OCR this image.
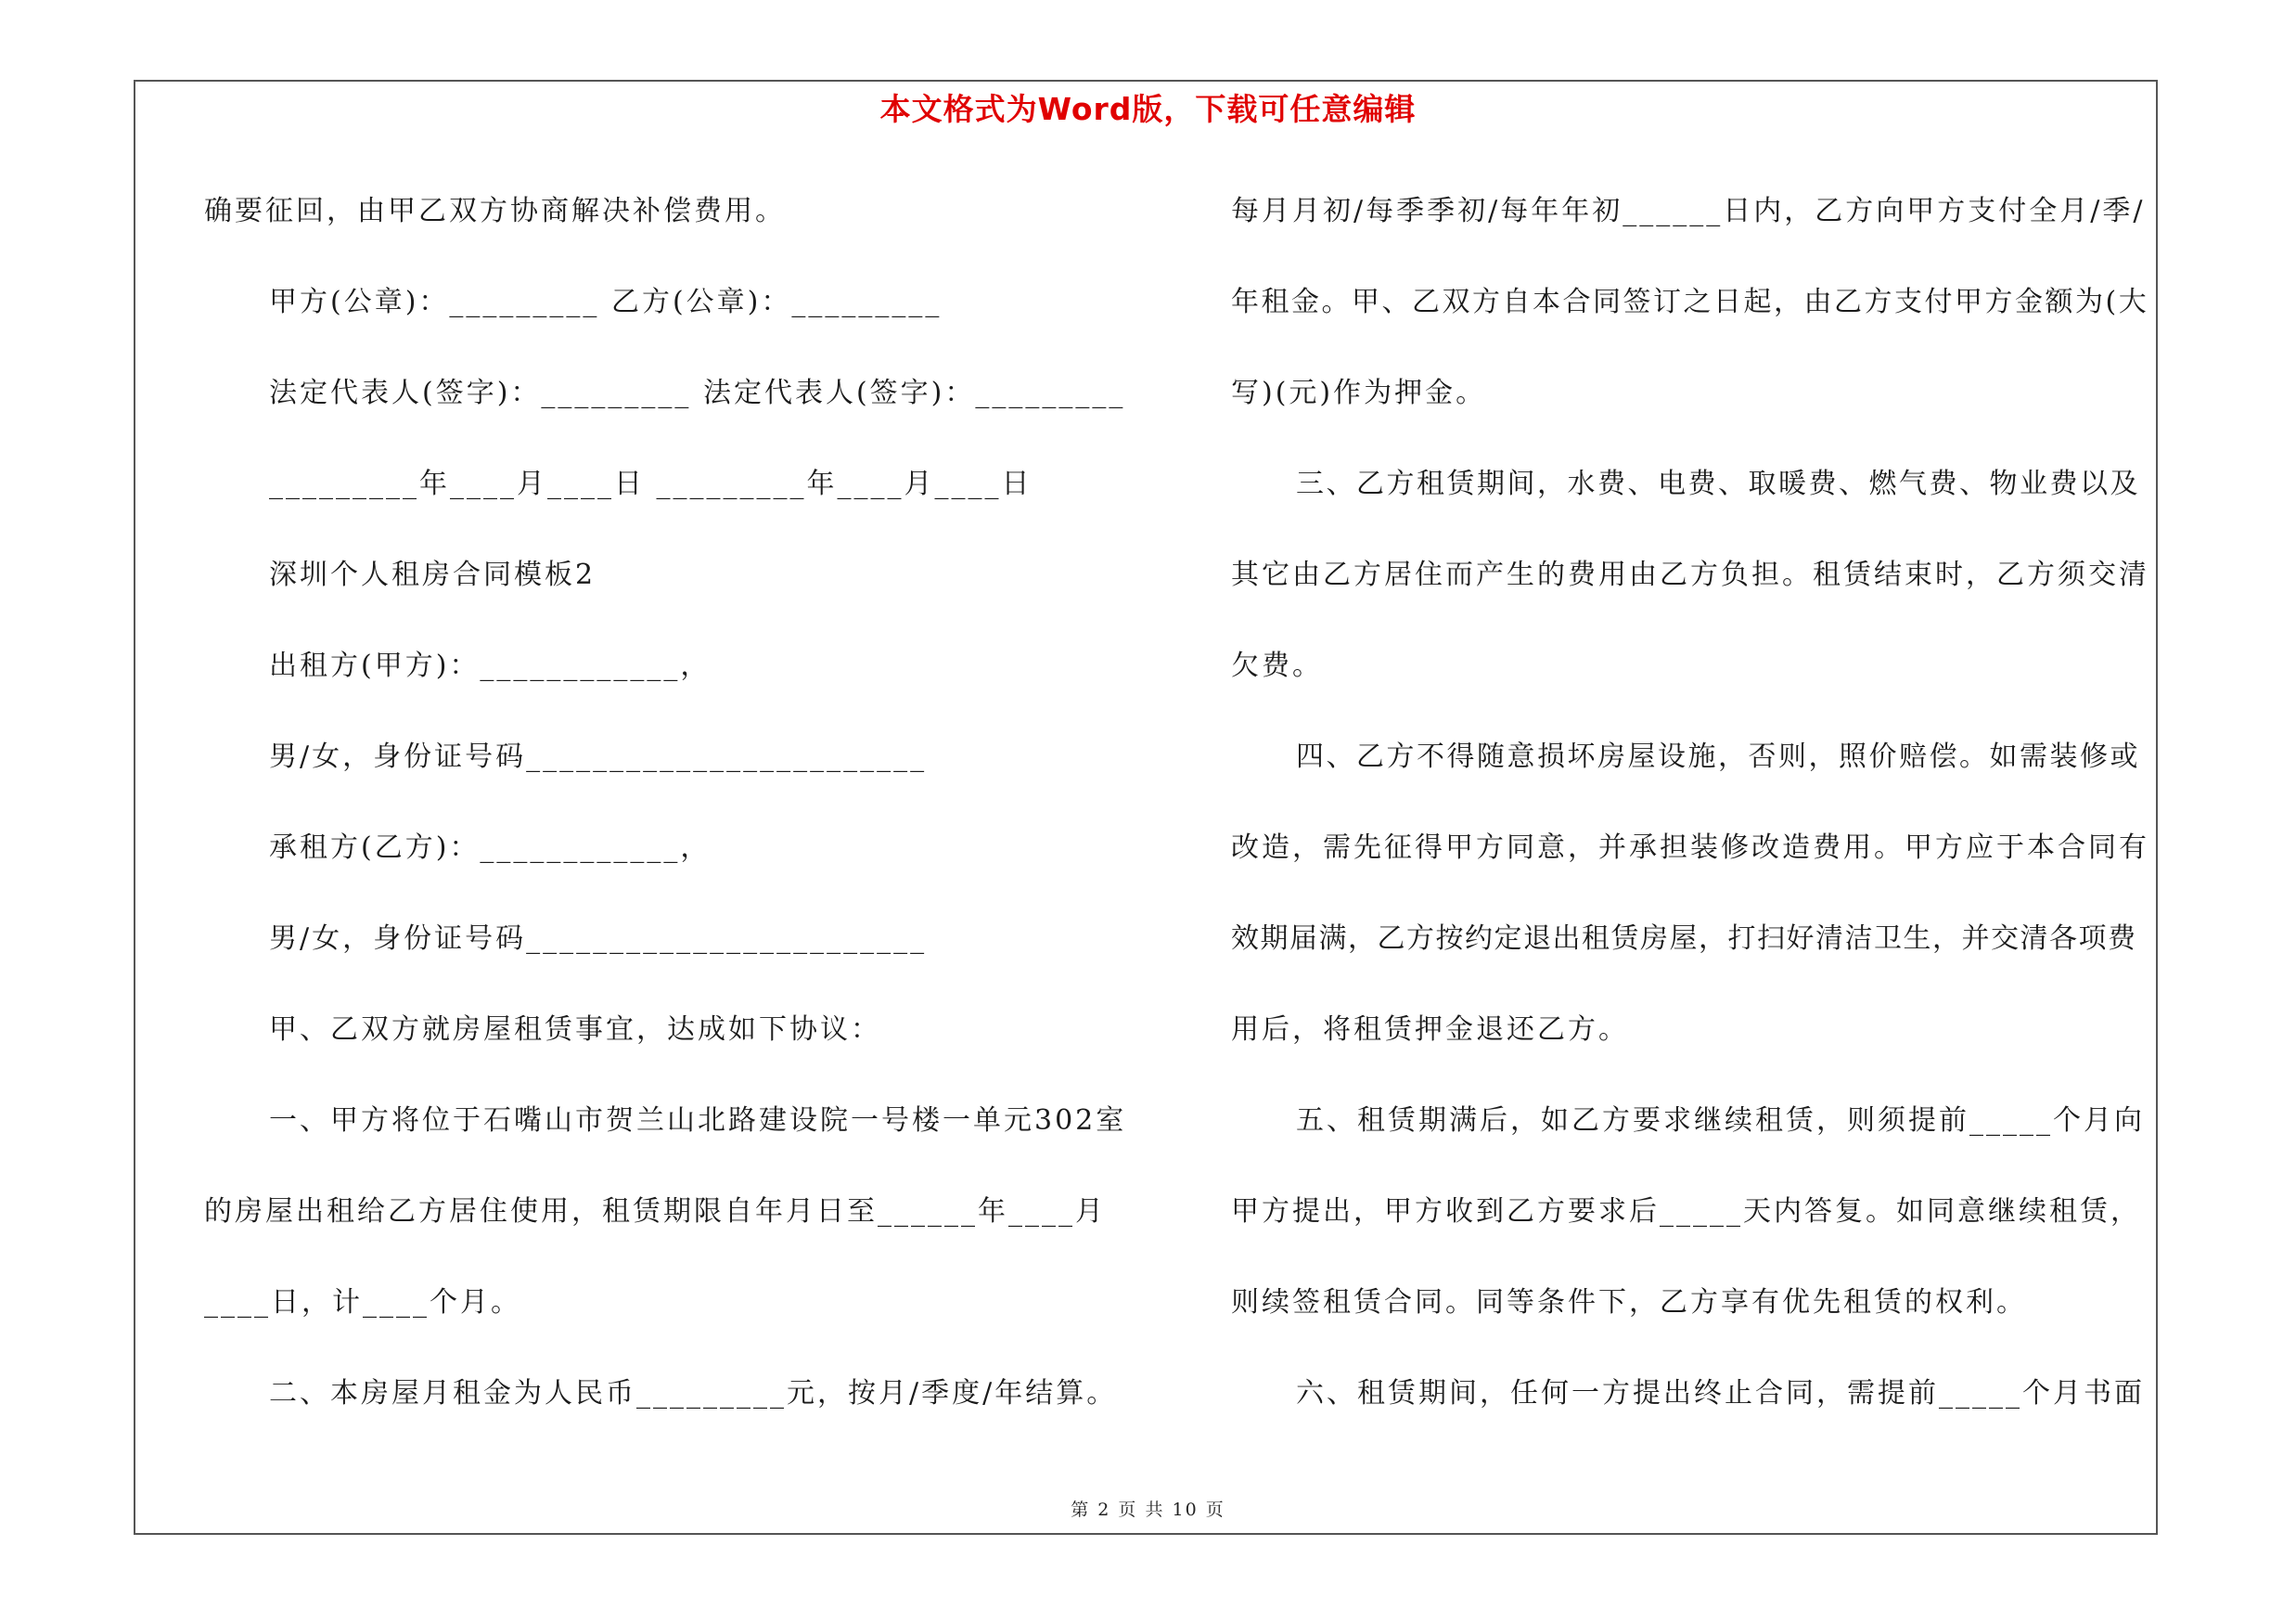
本文格式为Word版，下载可任意编辑
确要征回，由甲乙双方协商解决补偿费用。
甲方(公章)：_________ 乙方(公章)：_________
法定代表人(签字)：_________ 法定代表人(签字)：_________
_________年____月____日 _________年____月____日
深圳个人租房合同模板2
出租方(甲方)：____________，
男/女，身份证号码________________________
承租方(乙方)：____________，
男/女，身份证号码________________________
甲、乙双方就房屋租赁事宜，达成如下协议：
一、甲方将位于石嘴山市贺兰山北路建设院一号楼一单元302室
的房屋出租给乙方居住使用，租赁期限自年月日至______年____月
____日，计____个月。
二、本房屋月租金为人民币_________元，按月/季度/年结算。
每月月初/每季季初/每年年初______日内，乙方向甲方支付全月/季/
年租金。甲、乙双方自本合同签订之日起，由乙方支付甲方金额为(大
写)(元)作为押金。
三、乙方租赁期间，水费、电费、取暖费、燃气费、物业费以及
其它由乙方居住而产生的费用由乙方负担。租赁结束时，乙方须交清
欠费。
四、乙方不得随意损坏房屋设施，否则，照价赔偿。如需装修或
改造，需先征得甲方同意，并承担装修改造费用。甲方应于本合同有
效期届满，乙方按约定退出租赁房屋，打扫好清洁卫生，并交清各项费
用后，将租赁押金退还乙方。
五、租赁期满后，如乙方要求继续租赁，则须提前_____个月向
甲方提出，甲方收到乙方要求后_____天内答复。如同意继续租赁，
则续签租赁合同。同等条件下，乙方享有优先租赁的权利。
六、租赁期间，任何一方提出终止合同，需提前_____个月书面
第 2 页 共 10 页
